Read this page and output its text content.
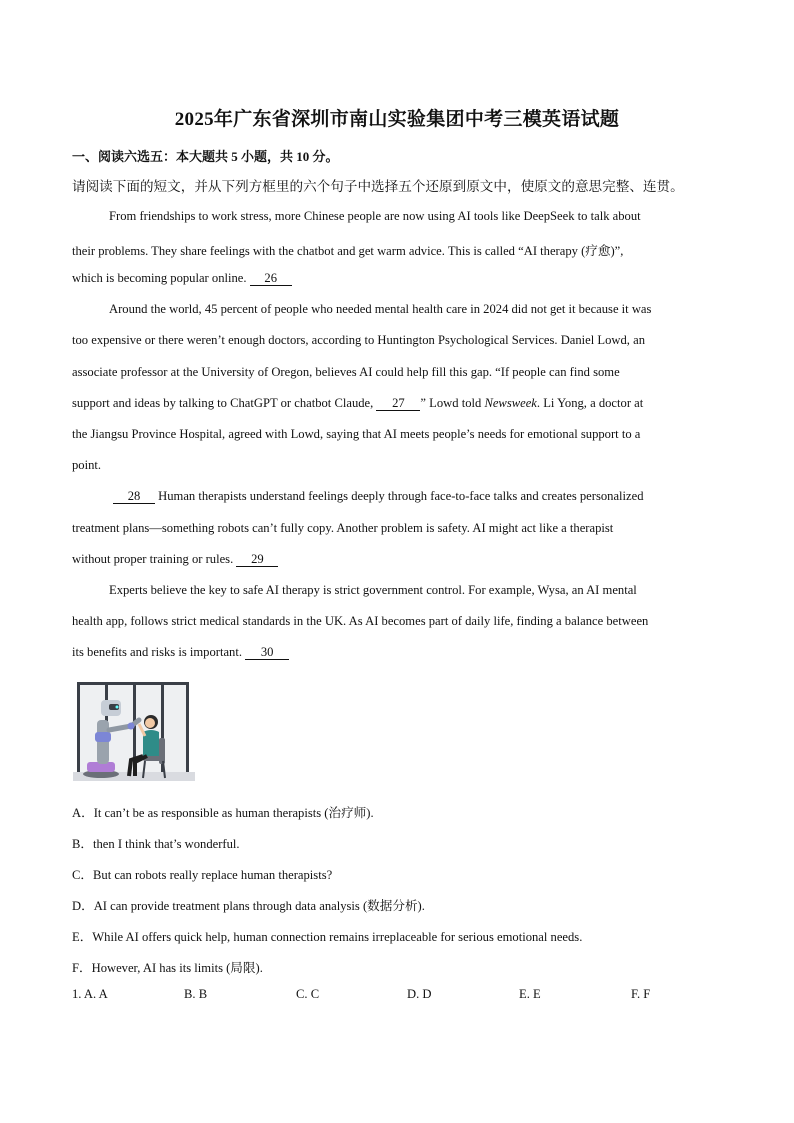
2025年广东省深圳市南山实验集团中考三模英语试题
一、阅读六选五：本大题共 5 小题，共 10 分。
请阅读下面的短文，并从下列方框里的六个句子中选择五个还原到原文中，使原文的意思完整、连贯。
From friendships to work stress, more Chinese people are now using AI tools like DeepSeek to talk about
their problems. They share feelings with the chatbot and get warm advice. This is called “AI therapy (疗愈)”,
which is becoming popular online. 26
Around the world, 45 percent of people who needed mental health care in 2024 did not get it because it was
too expensive or there weren’t enough doctors, according to Huntington Psychological Services. Daniel Lowd, an
associate professor at the University of Oregon, believes AI could help fill this gap. “If people can find some
support and ideas by talking to ChatGPT or chatbot Claude, 27 ” Lowd told Newsweek. Li Yong, a doctor at
the Jiangsu Province Hospital, agreed with Lowd, saying that AI meets people’s needs for emotional support to a
point.
28 Human therapists understand feelings deeply through face-to-face talks and creates personalized
treatment plans—something robots can’t fully copy. Another problem is safety. AI might act like a therapist
without proper training or rules. 29
Experts believe the key to safe AI therapy is strict government control. For example, Wysa, an AI mental
health app, follows strict medical standards in the UK. As AI becomes part of daily life, finding a balance between
its benefits and risks is important. 30
A．It can’t be as responsible as human therapists (治疗师).
B．then I think that’s wonderful.
C．But can robots really replace human therapists?
D．AI can provide treatment plans through data analysis (数据分析).
E．While AI offers quick help, human connection remains irreplaceable for serious emotional needs.
F．However, AI has its limits (局限).
1. A. A	B. B	C. C	D. D	E. E	F. F
